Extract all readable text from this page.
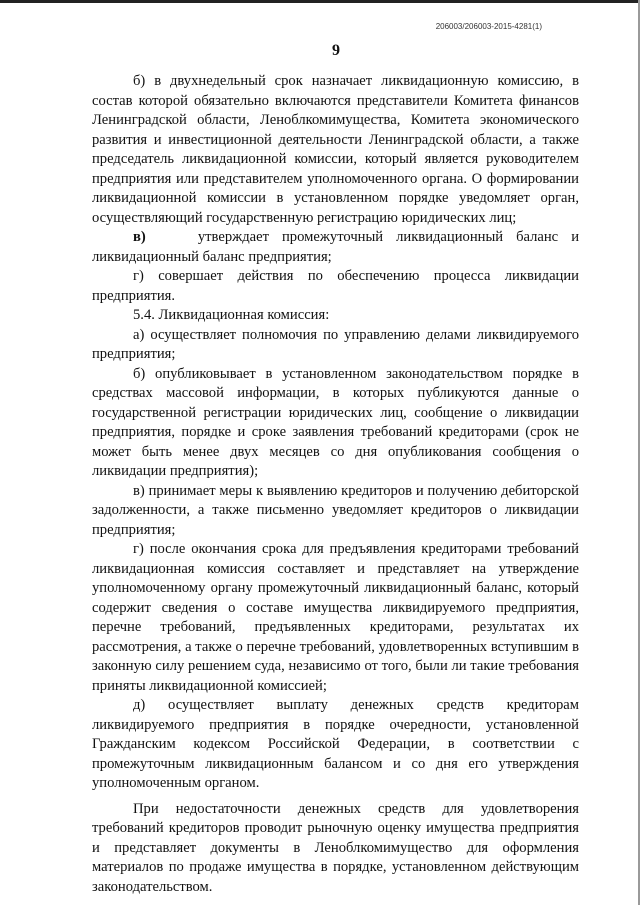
206003/206003-2015-4281(1)
9

б) в двухнедельный срок назначает ликвидационную комиссию, в состав которой обязательно включаются представители Комитета финансов Ленинградской области, Леноблкомимущества, Комитета экономического развития и инвестиционной деятельности Ленинградской области, а также председатель ликвидационной комиссии, который является руководителем предприятия или представителем уполномоченного органа. О формировании ликвидационной комиссии в установленном порядке уведомляет орган, осуществляющий государственную регистрацию юридических лиц;

в)	утверждает промежуточный ликвидационный баланс и ликвидационный баланс предприятия;

г) совершает действия по обеспечению процесса ликвидации предприятия.

5.4. Ликвидационная комиссия:

а) осуществляет полномочия по управлению делами ликвидируемого предприятия;

б) опубликовывает в установленном законодательством порядке в средствах массовой информации, в которых публикуются данные о государственной регистрации юридических лиц, сообщение о ликвидации предприятия, порядке и сроке заявления требований кредиторами (срок не может быть менее двух месяцев со дня опубликования сообщения о ликвидации предприятия);

в) принимает меры к выявлению кредиторов и получению дебиторской задолженности, а также письменно уведомляет кредиторов о ликвидации предприятия;

г) после окончания срока для предъявления кредиторами требований ликвидационная комиссия составляет и представляет на утверждение уполномоченному органу промежуточный ликвидационный баланс, который содержит сведения о составе имущества ликвидируемого предприятия, перечне требований, предъявленных кредиторами, результатах их рассмотрения, а также о перечне требований, удовлетворенных вступившим в законную силу решением суда, независимо от того, были ли такие требования приняты ликвидационной комиссией;

д) осуществляет выплату денежных средств кредиторам ликвидируемого предприятия в порядке очередности, установленной Гражданским кодексом Российской Федерации, в соответствии с промежуточным ликвидационным балансом и со дня его утверждения уполномоченным органом.

При недостаточности денежных средств для удовлетворения требований кредиторов проводит рыночную оценку имущества предприятия и представляет документы в Леноблкомимущество для оформления материалов по продаже имущества в порядке, установленном действующим законодательством.
